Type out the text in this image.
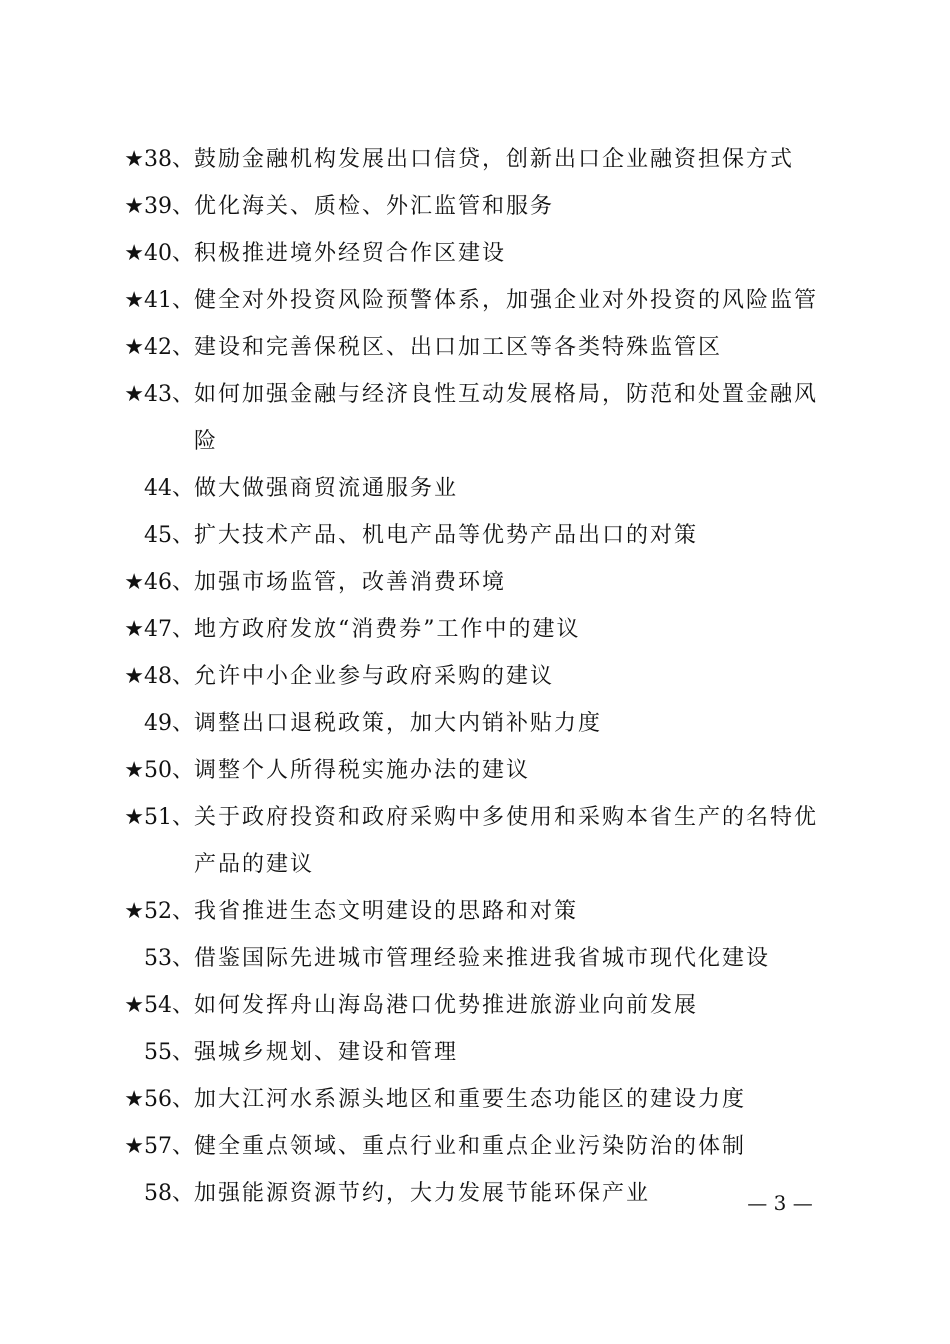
★38、 鼓励金融机构发展出口信贷，创新出口企业融资担保方式
★39、 优化海关、质检、外汇监管和服务
★40、 积极推进境外经贸合作区建设
★41、 健全对外投资风险预警体系，加强企业对外投资的风险监管
★42、 建设和完善保税区、出口加工区等各类特殊监管区
★43、 如何加强金融与经济良性互动发展格局，防范和处置金融风险
44、 做大做强商贸流通服务业
45、 扩大技术产品、机电产品等优势产品出口的对策
★46、 加强市场监管，改善消费环境
★47、 地方政府发放“消费券”工作中的建议
★48、 允许中小企业参与政府采购的建议
49、 调整出口退税政策，加大内销补贴力度
★50、 调整个人所得税实施办法的建议
★51、 关于政府投资和政府采购中多使用和采购本省生产的名特优产品的建议
★52、 我省推进生态文明建设的思路和对策
53、 借鉴国际先进城市管理经验来推进我省城市现代化建设
★54、 如何发挥舟山海岛港口优势推进旅游业向前发展
55、 强城乡规划、建设和管理
★56、 加大江河水系源头地区和重要生态功能区的建设力度
★57、 健全重点领域、重点行业和重点企业污染防治的体制
58、 加强能源资源节约，大力发展节能环保产业	— 3 —
